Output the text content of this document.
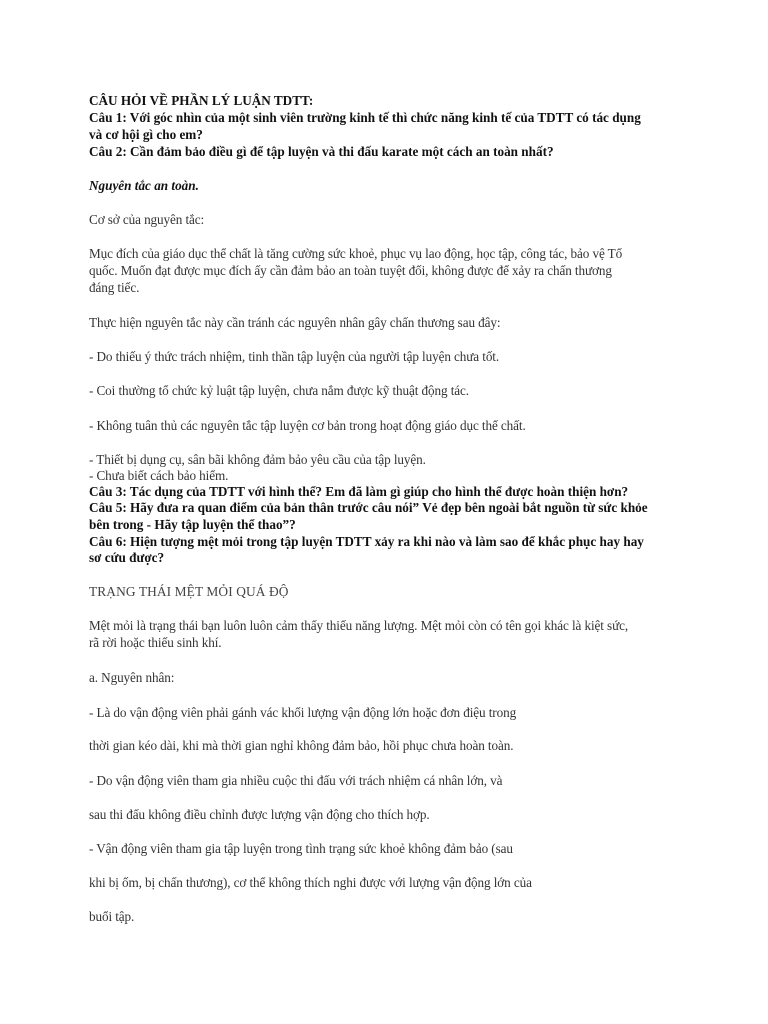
CÂU HỎI VỀ PHẦN LÝ LUẬN TDTT:
Câu 1: Với góc nhìn của một sinh viên trường kinh tế thì chức năng kinh tế của TDTT có tác dụng
và cơ hội gì cho em?
Câu 2: Cần đảm bảo điều gì để tập luyện và thi đấu karate một cách an toàn nhất?
Nguyên tắc an toàn.
Cơ sở của nguyên tắc:
Mục đích của giáo dục thể chất là tăng cường sức khoẻ, phục vụ lao động, học tập, công tác, bảo vệ Tổ
quốc. Muốn đạt được mục đích ấy cần đảm bảo an toàn tuyệt đối, không được để xảy ra chấn thương
đáng tiếc.
Thực hiện nguyên tắc này cần tránh các nguyên nhân gây chấn thương sau đây:
- Do thiếu ý thức trách nhiệm, tinh thần tập luyện của người tập luyện chưa tốt.
- Coi thường tổ chức kỷ luật tập luyện, chưa nắm được kỹ thuật động tác.
- Không tuân thủ các nguyên tắc tập luyện cơ bản trong hoạt động giáo dục thể chất.
- Thiết bị dụng cụ, sân bãi không đảm bảo yêu cầu của tập luyện.
- Chưa biết cách bảo hiểm.
Câu 3: Tác dụng của TDTT với hình thể? Em đã làm gì giúp cho hình thể được hoàn thiện hơn?
Câu 5: Hãy đưa ra quan điểm của bản thân trước câu nói” Vẻ đẹp bên ngoài bắt nguồn từ sức khỏe
bên trong - Hãy tập luyện thể thao”?
Câu 6: Hiện tượng mệt mỏi trong tập luyện TDTT xảy ra khi nào và làm sao để khắc phục hay hay
sơ cứu được?
TRẠNG THÁI MỆT MỎI QUÁ ĐỘ
Mệt mỏi là trạng thái bạn luôn luôn cảm thấy thiếu năng lượng. Mệt mỏi còn có tên gọi khác là kiệt sức,
rã rời hoặc thiếu sinh khí.
a. Nguyên nhân:
- Là do vận động viên phải gánh vác khối lượng vận động lớn hoặc đơn điệu trong
thời gian kéo dài, khi mà thời gian nghỉ không đảm bảo, hồi phục chưa hoàn toàn.
- Do vận động viên tham gia nhiều cuộc thi đấu với trách nhiệm cá nhân lớn, và
sau thi đấu không điều chỉnh được lượng vận động cho thích hợp.
- Vận động viên tham gia tập luyện trong tình trạng sức khoẻ không đảm bảo (sau
khi bị ốm, bị chấn thương), cơ thể không thích nghi được với lượng vận động lớn của
buổi tập.
